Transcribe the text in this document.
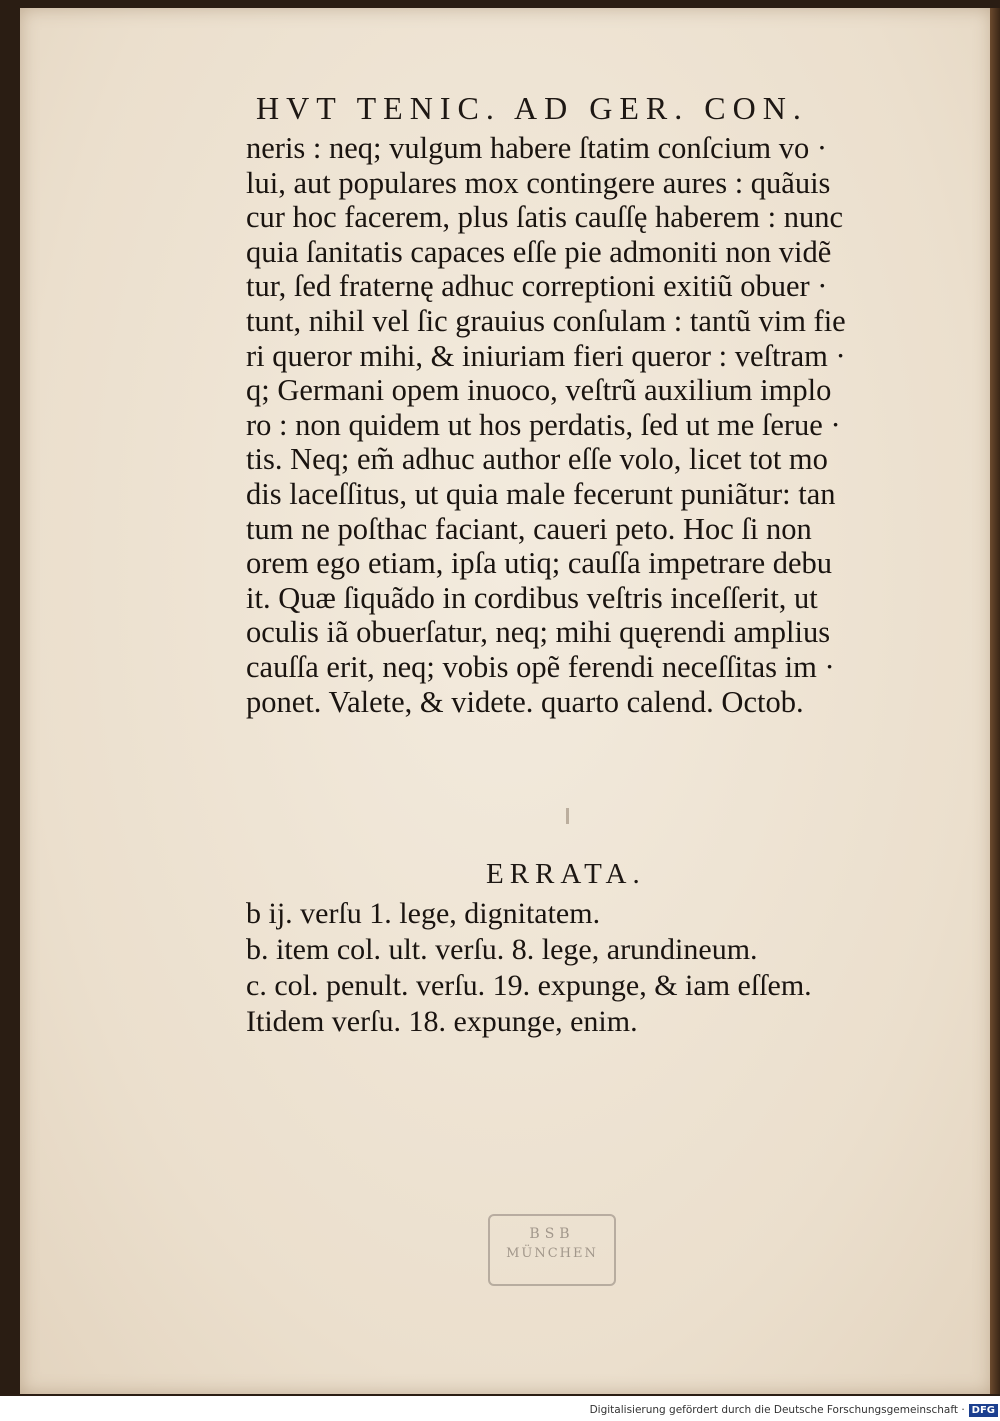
HVT TENIC. AD GER. CON.
neris : neq; vulgum habere ſtatim conſcium vo ·
lui, aut populares mox contingere aures : quãuis
cur hoc facerem, plus ſatis cauſſę haberem : nunc
quia ſanitatis capaces eſſe pie admoniti non vidẽ
tur, ſed fraternę adhuc correptioni exitiũ obuer ·
tunt, nihil vel ſic grauius conſulam : tantũ vim fie
ri queror mihi, & iniuriam fieri queror : veſtram ·
q; Germani opem inuoco, veſtrũ auxilium implo
ro : non quidem ut hos perdatis, ſed ut me ſerue ·
tis. Neq; em̃ adhuc author eſſe volo, licet tot mo
dis laceſſitus, ut quia male fecerunt puniãtur: tan
tum ne poſthac faciant, caueri peto. Hoc ſi non
orem ego etiam, ipſa utiq; cauſſa impetrare debu
it. Quæ ſiquãdo in cordibus veſtris inceſſerit, ut
oculis iã obuerſatur, neq; mihi quęrendi amplius
cauſſa erit, neq; vobis opẽ ferendi neceſſitas im ·
ponet. Valete, & videte. quarto calend. Octob.
ERRATA.
b ij. verſu 1. lege, dignitatem.
b. item col. ult. verſu. 8. lege, arundineum.
c. col. penult. verſu. 19. expunge, & iam eſſem.
Itidem verſu. 18. expunge, enim.
BSB
MÜNCHEN
Digitalisierung gefördert durch die Deutsche Forschungsgemeinschaft · DFG
